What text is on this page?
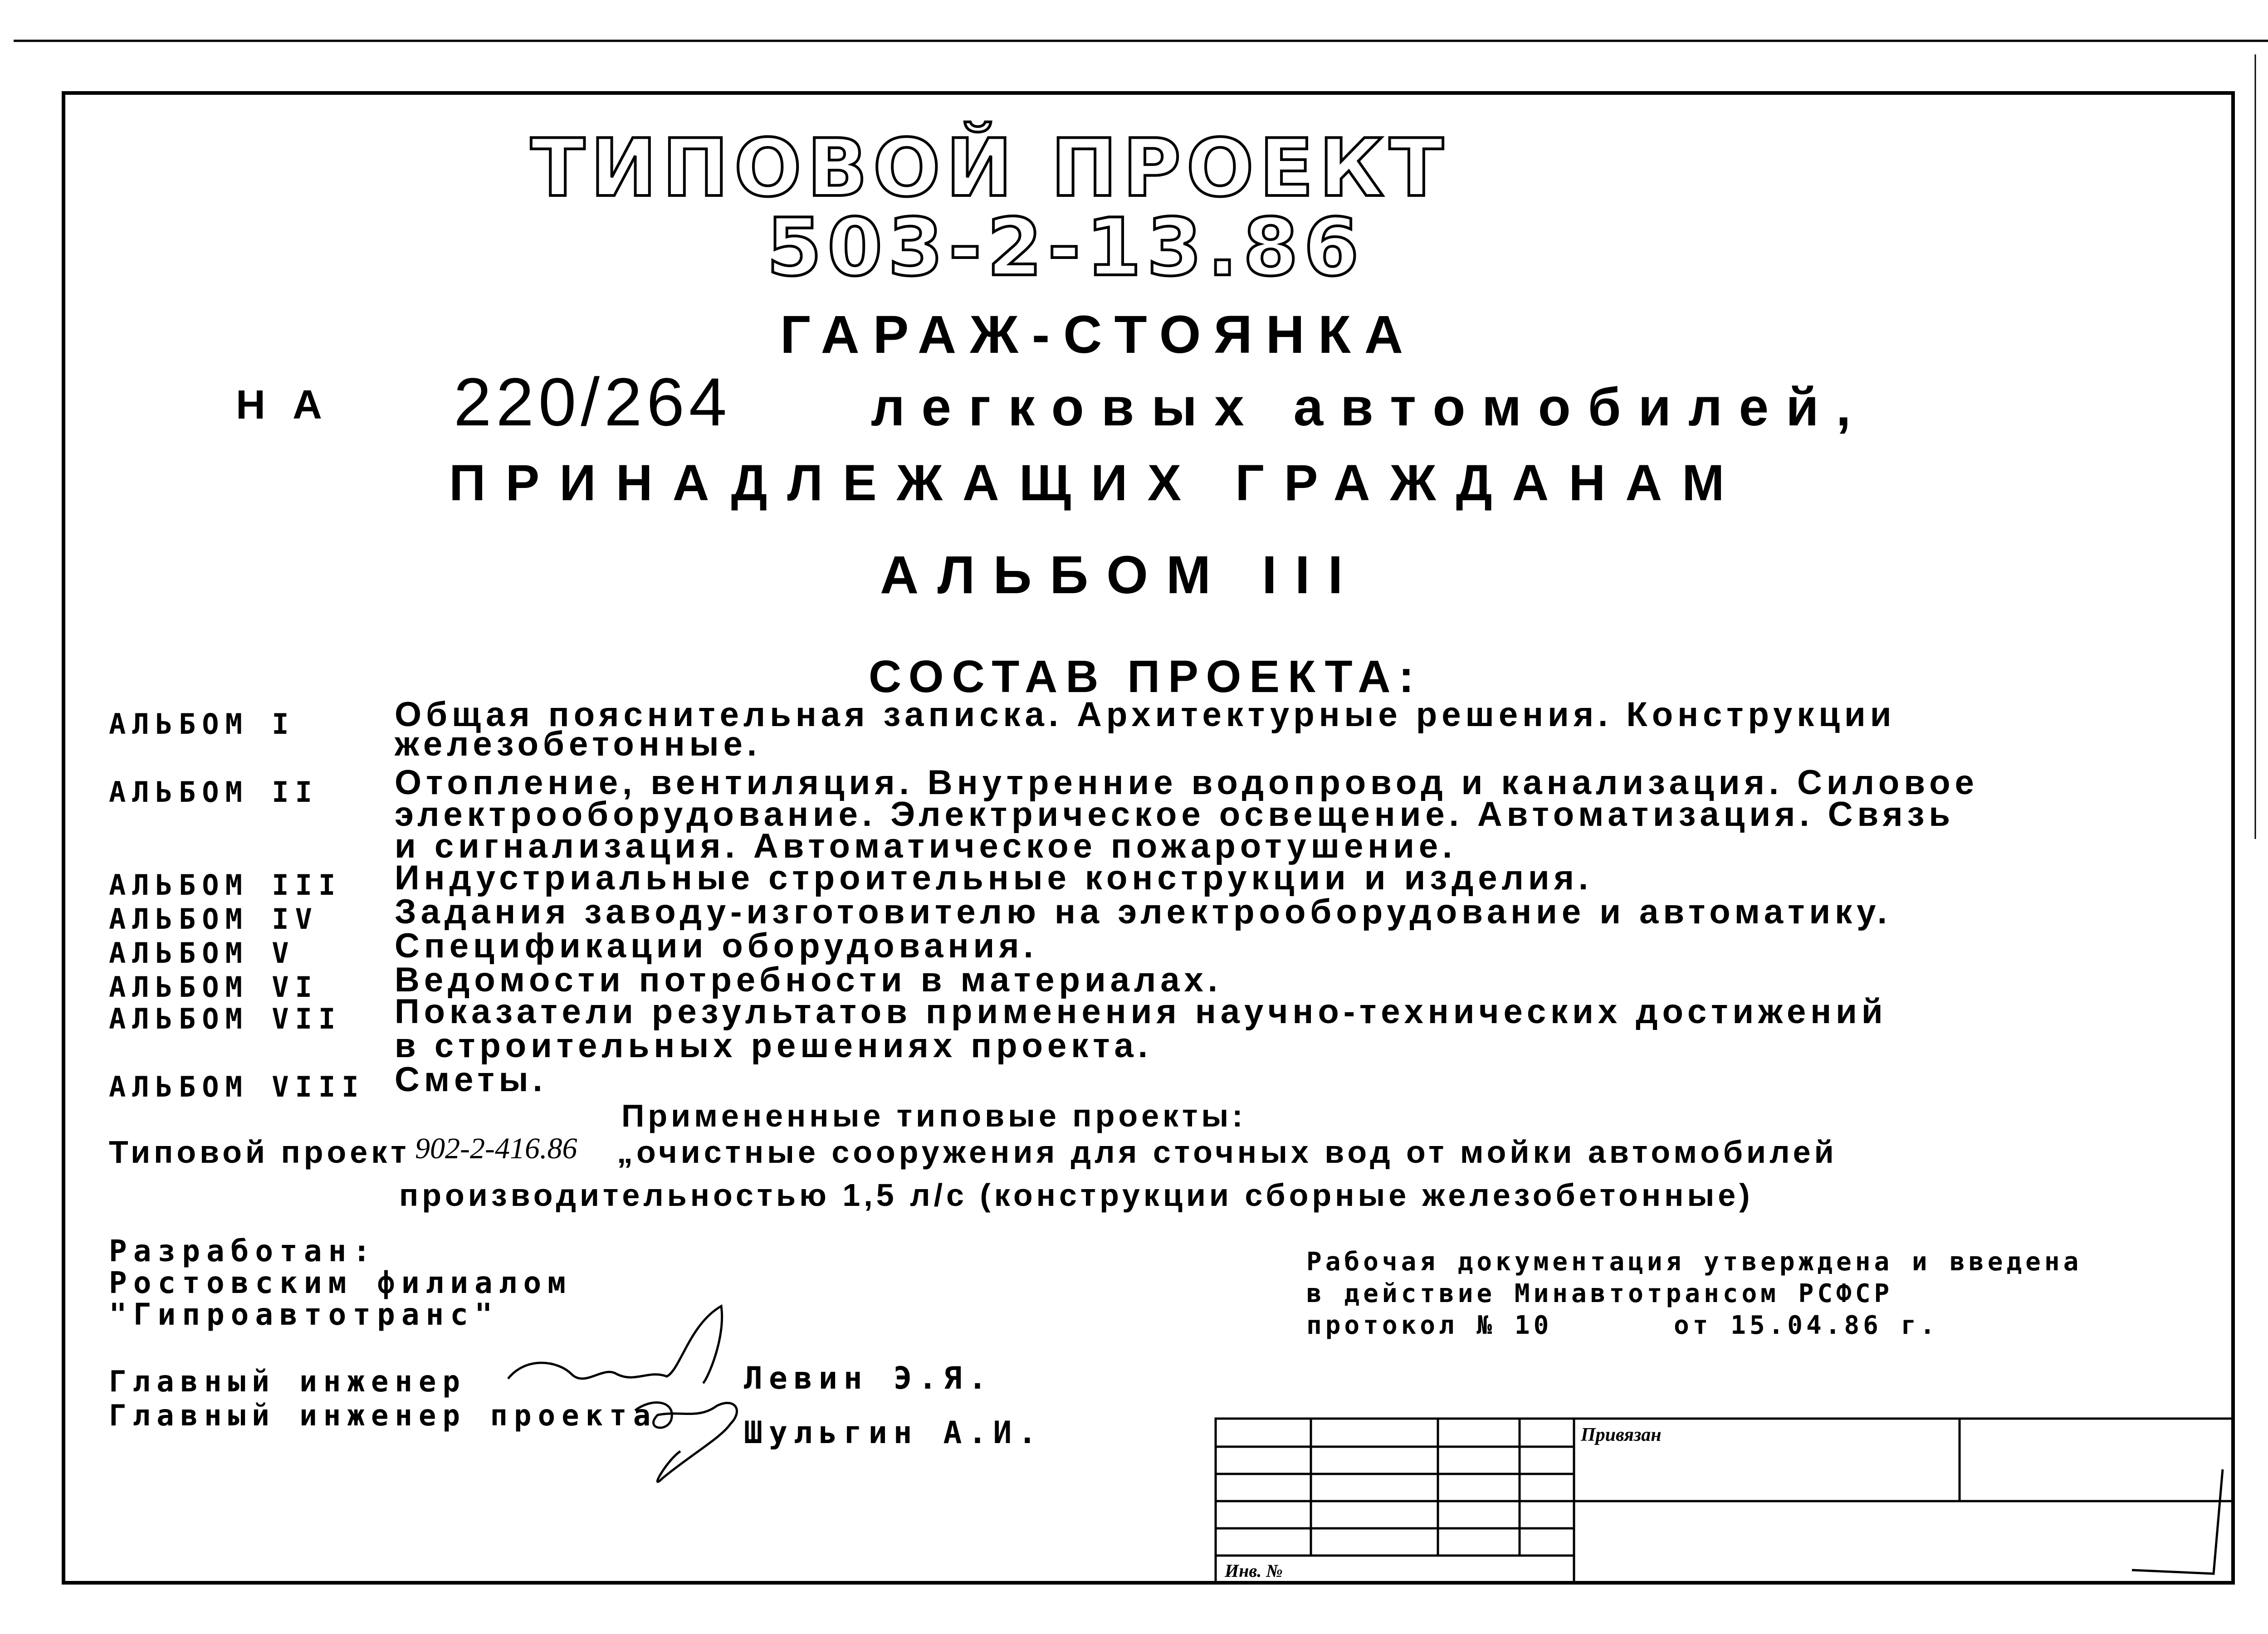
ТИПОВОЙ ПРОЕКТ
503-2-13.86
ГАРАЖ-СТОЯНКА
НА 220/264	легковых автомобилей,
ПРИНАДЛЕЖАЩИХ ГРАЖДАНАМ
АЛЬБОМ III
СОСТАВ ПРОЕКТА:
АЛЬБОМ I	Общая пояснительная записка. Архитектурные решения. Конструкции
железобетонные.
АЛЬБОМ II Отопление, вентиляция. Внутренние водопровод и канализация. Силовое
электрооборудование. Электрическое освещение. Автоматизация. Связь
и сигнализация. Автоматическое пожаротушение.
АЛЬБОМ III Индустриальные строительные конструкции и изделия.
АЛЬБОМ IV Задания заводу-изготовителю на электрооборудование и автоматику.
АЛЬБОМ V	Спецификации оборудования.
АЛЬБОМ VI Ведомости потребности в материалах.
АЛЬБОМ VII Показатели результатов применения научно-технических достижений
в строительных решениях проекта.
АЛЬБОМ VIII Сметы.
Примененные типовые проекты:
Типовой проект 902-2-416.86 „очистные сооружения для сточных вод от мойки автомобилей
производительностью 1,5 л/с (конструкции сборные железобетонные)
Разработан:
Ростовским филиалом
"Гипроавтотранс"
Рабочая документация утверждена и введена
в действие Минавтотрансом РСФСР
протокол № 10	от 15.04.86 г.
Главный инженер	Левин Э.Я.
Главный инженер проекта	Шульгин А.И.	Привязан
Инв. №
